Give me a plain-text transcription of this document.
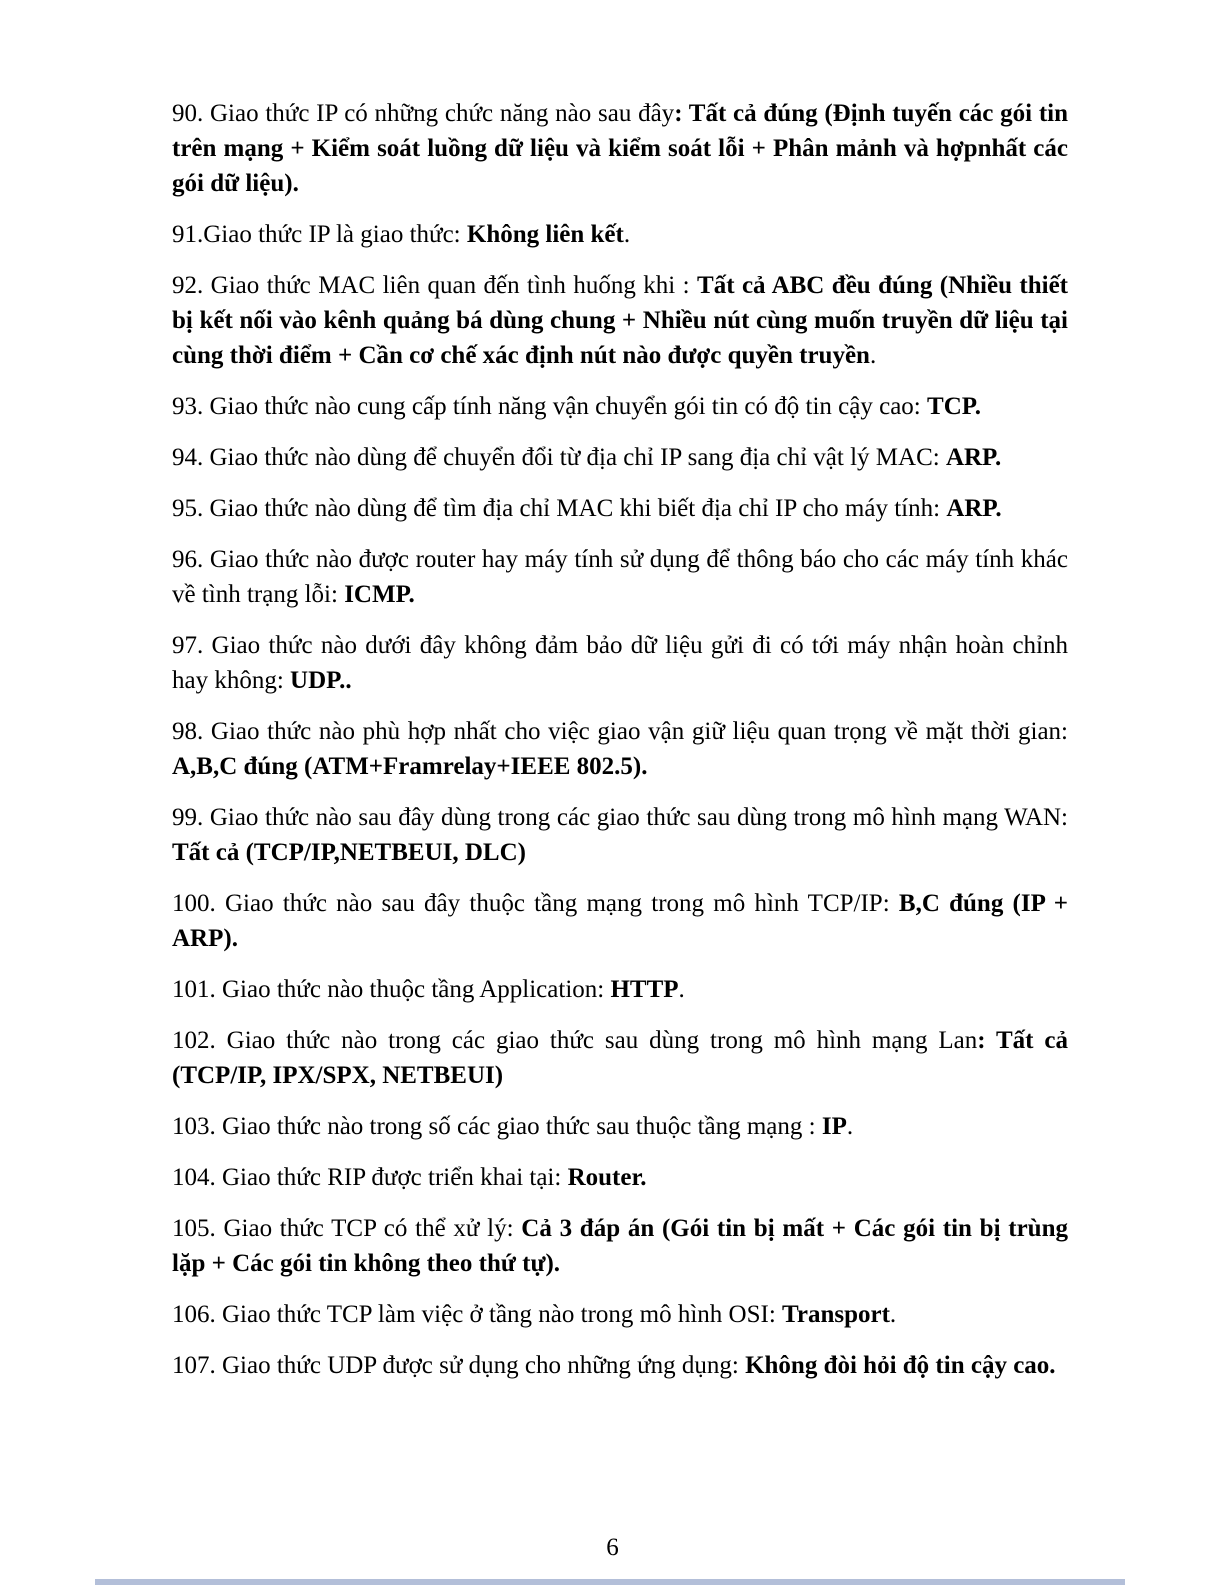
90. Giao thức IP có những chức năng nào sau đây: Tất cả đúng (Định tuyến các gói tin trên mạng + Kiểm soát luồng dữ liệu và kiểm soát lỗi + Phân mảnh và hợpnhất các gói dữ liệu).

91.Giao thức IP là giao thức: Không liên kết.

92. Giao thức MAC liên quan đến tình huống khi : Tất cả ABC đều đúng (Nhiều thiết bị kết nối vào kênh quảng bá dùng chung + Nhiều nút cùng muốn truyền dữ liệu tại cùng thời điểm + Cần cơ chế xác định nút nào được quyền truyền.

93. Giao thức nào cung cấp tính năng vận chuyển gói tin có độ tin cậy cao: TCP.

94. Giao thức nào dùng để chuyển đổi từ địa chỉ IP sang địa chỉ vật lý MAC: ARP.

95. Giao thức nào dùng để tìm địa chỉ MAC khi biết địa chỉ IP cho máy tính: ARP.

96. Giao thức nào được router hay máy tính sử dụng để thông báo cho các máy tính khác về tình trạng lỗi: ICMP.

97. Giao thức nào dưới đây không đảm bảo dữ liệu gửi đi có tới máy nhận hoàn chỉnh hay không: UDP..

98. Giao thức nào phù hợp nhất cho việc giao vận giữ liệu quan trọng về mặt thời gian: A,B,C đúng (ATM+Framrelay+IEEE 802.5).

99. Giao thức nào sau đây dùng trong các giao thức sau dùng trong mô hình mạng WAN: Tất cả (TCP/IP,NETBEUI, DLC)

100. Giao thức nào sau đây thuộc tầng mạng trong mô hình TCP/IP: B,C đúng (IP + ARP).

101. Giao thức nào thuộc tầng Application: HTTP.

102. Giao thức nào trong các giao thức sau dùng trong mô hình mạng Lan: Tất cả (TCP/IP, IPX/SPX, NETBEUI)

103. Giao thức nào trong số các giao thức sau thuộc tầng mạng : IP.

104. Giao thức RIP được triển khai tại: Router.

105. Giao thức TCP có thể xử lý: Cả 3 đáp án (Gói tin bị mất + Các gói tin bị trùng lặp + Các gói tin không theo thứ tự).

106. Giao thức TCP làm việc ở tầng nào trong mô hình OSI: Transport.

107. Giao thức UDP được sử dụng cho những ứng dụng: Không đòi hỏi độ tin cậy cao.

6
